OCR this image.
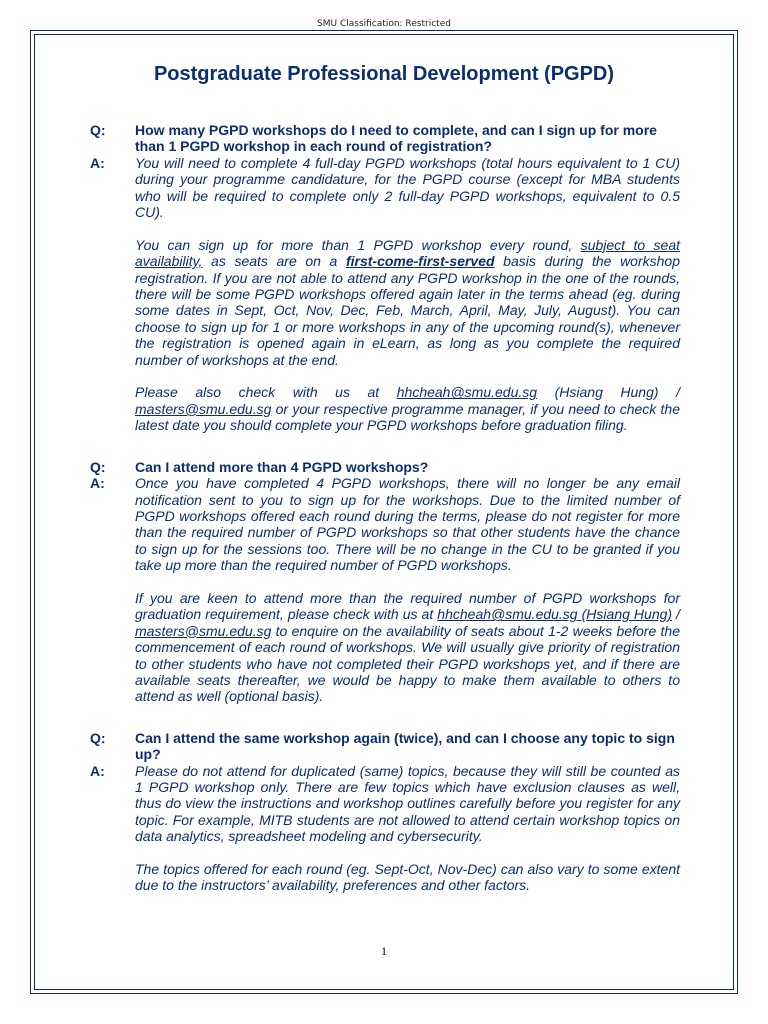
SMU Classification: Restricted
Postgraduate Professional Development (PGPD)
Q:	How many PGPD workshops do I need to complete, and can I sign up for more than 1 PGPD workshop in each round of registration?
A:	You will need to complete 4 full-day PGPD workshops (total hours equivalent to 1 CU) during your programme candidature, for the PGPD course (except for MBA students who will be required to complete only 2 full-day PGPD workshops, equivalent to 0.5 CU).
You can sign up for more than 1 PGPD workshop every round, subject to seat availability, as seats are on a first-come-first-served basis during the workshop registration. If you are not able to attend any PGPD workshop in the one of the rounds, there will be some PGPD workshops offered again later in the terms ahead (eg. during some dates in Sept, Oct, Nov, Dec, Feb, March, April, May, July, August). You can choose to sign up for 1 or more workshops in any of the upcoming round(s), whenever the registration is opened again in eLearn, as long as you complete the required number of workshops at the end.
Please also check with us at hhcheah@smu.edu.sg (Hsiang Hung) / masters@smu.edu.sg or your respective programme manager, if you need to check the latest date you should complete your PGPD workshops before graduation filing.
Q:	Can I attend more than 4 PGPD workshops?
A:	Once you have completed 4 PGPD workshops, there will no longer be any email notification sent to you to sign up for the workshops. Due to the limited number of PGPD workshops offered each round during the terms, please do not register for more than the required number of PGPD workshops so that other students have the chance to sign up for the sessions too. There will be no change in the CU to be granted if you take up more than the required number of PGPD workshops.
If you are keen to attend more than the required number of PGPD workshops for graduation requirement, please check with us at hhcheah@smu.edu.sg (Hsiang Hung) / masters@smu.edu.sg to enquire on the availability of seats about 1-2 weeks before the commencement of each round of workshops. We will usually give priority of registration to other students who have not completed their PGPD workshops yet, and if there are available seats thereafter, we would be happy to make them available to others to attend as well (optional basis).
Q:	Can I attend the same workshop again (twice), and can I choose any topic to sign up?
A:	Please do not attend for duplicated (same) topics, because they will still be counted as 1 PGPD workshop only. There are few topics which have exclusion clauses as well, thus do view the instructions and workshop outlines carefully before you register for any topic. For example, MITB students are not allowed to attend certain workshop topics on data analytics, spreadsheet modeling and cybersecurity.
The topics offered for each round (eg. Sept-Oct, Nov-Dec) can also vary to some extent due to the instructors’ availability, preferences and other factors.
1
